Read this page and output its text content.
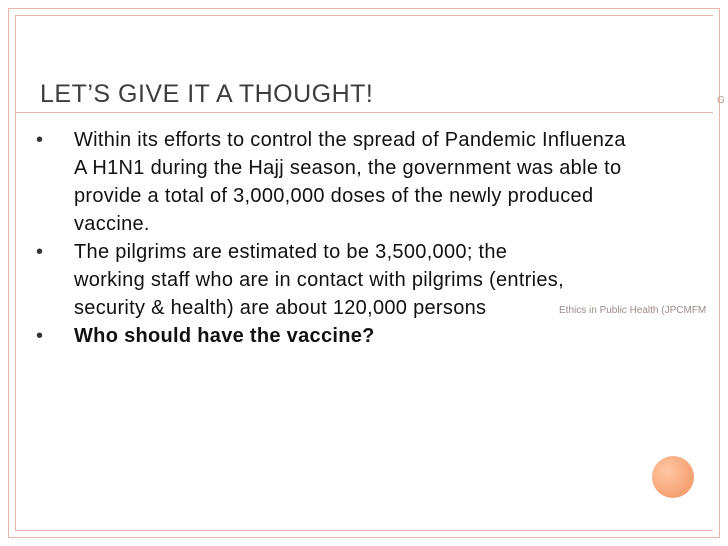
LET’S GIVE IT A THOUGHT!	G
• Within its efforts to control the spread of Pandemic Influenza A H1N1 during the Hajj season, the government was able to provide a total of 3,000,000 doses of the newly produced vaccine.
• The pilgrims are estimated to be 3,500,000; the working staff who are in contact with pilgrims (entries, security & health) are about 120,000 persons
• Who should have the vaccine?
Ethics in Public Health (JPCMFM
